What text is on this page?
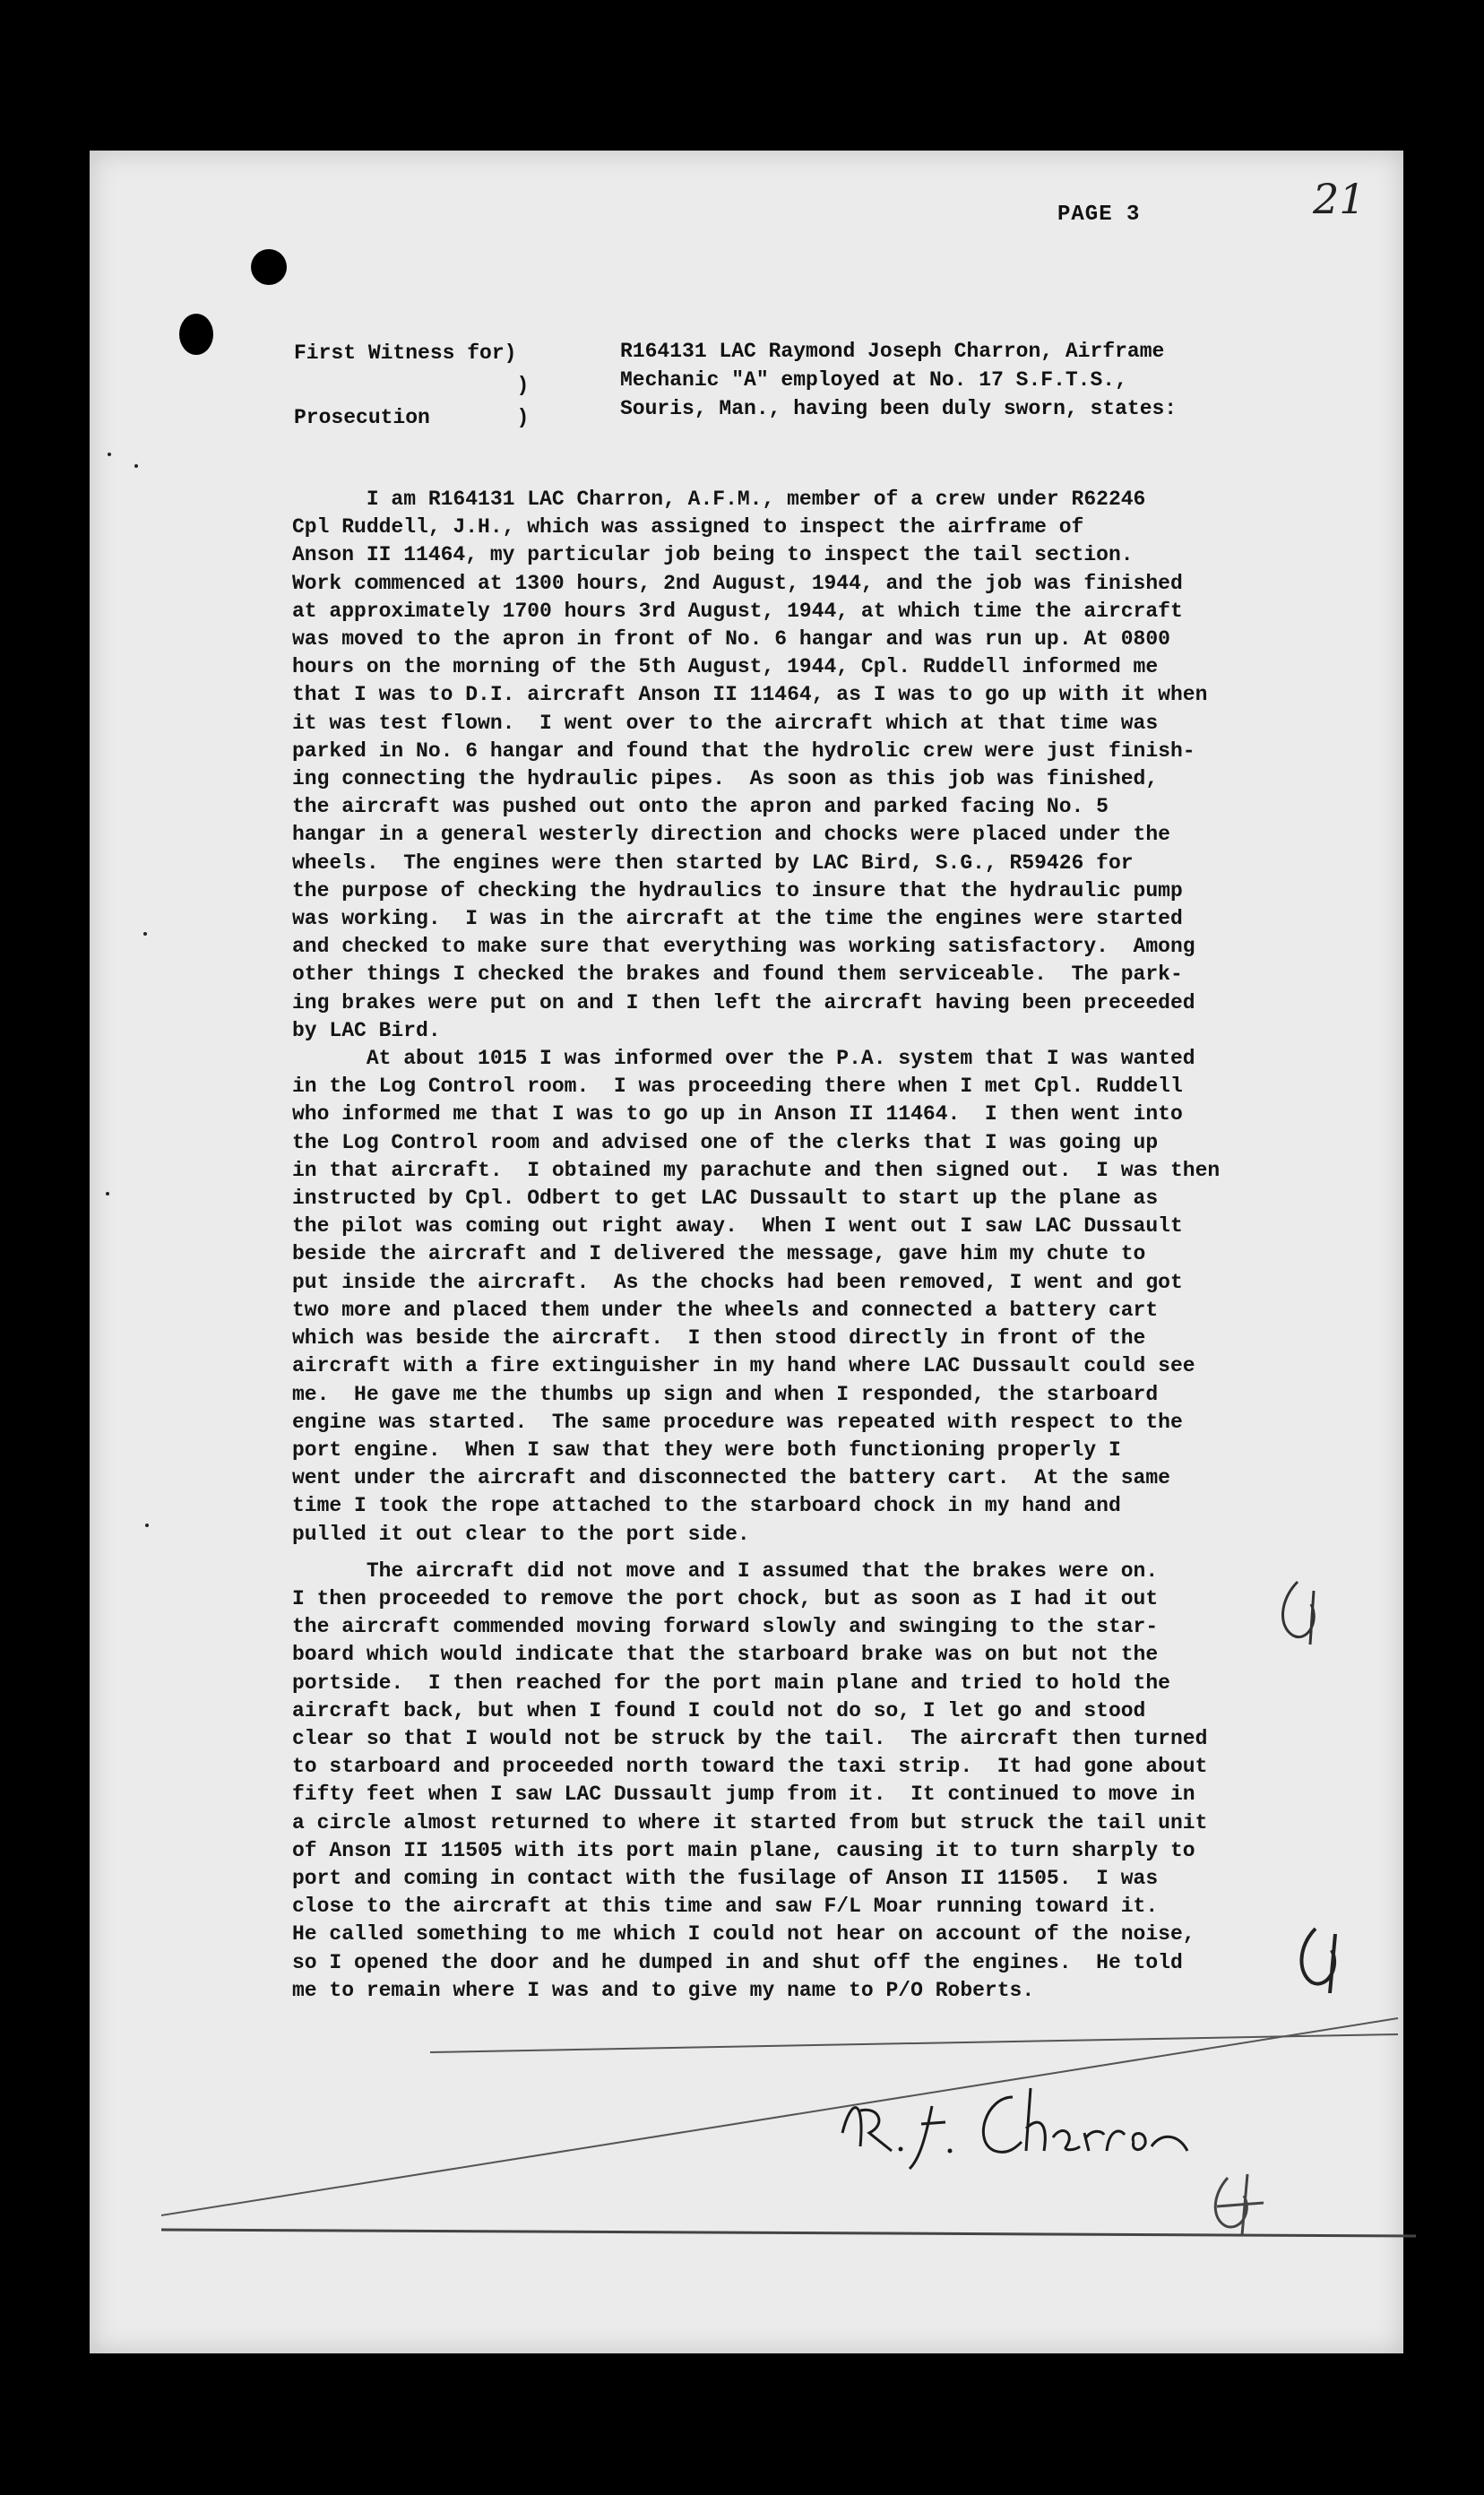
PAGE 3	21
First Witness for)
)
Prosecution       )
R164131 LAC Raymond Joseph Charron, Airframe
Mechanic "A" employed at No. 17 S.F.T.S.,
Souris, Man., having been duly sworn, states:

I am R164131 LAC Charron, A.F.M., member of a crew under R62246
Cpl Ruddell, J.H., which was assigned to inspect the airframe of
Anson II 11464, my particular job being to inspect the tail section.
Work commenced at 1300 hours, 2nd August, 1944, and the job was finished
at approximately 1700 hours 3rd August, 1944, at which time the aircraft
was moved to the apron in front of No. 6 hangar and was run up. At 0800
hours on the morning of the 5th August, 1944, Cpl. Ruddell informed me
that I was to D.I. aircraft Anson II 11464, as I was to go up with it when
it was test flown.  I went over to the aircraft which at that time was
parked in No. 6 hangar and found that the hydrolic crew were just finish-
ing connecting the hydraulic pipes.  As soon as this job was finished,
the aircraft was pushed out onto the apron and parked facing No. 5
hangar in a general westerly direction and chocks were placed under the
wheels.  The engines were then started by LAC Bird, S.G., R59426 for
the purpose of checking the hydraulics to insure that the hydraulic pump
was working.  I was in the aircraft at the time the engines were started
and checked to make sure that everything was working satisfactory.  Among
other things I checked the brakes and found them serviceable.  The park-
ing brakes were put on and I then left the aircraft having been preceeded
by LAC Bird.

At about 1015 I was informed over the P.A. system that I was wanted
in the Log Control room.  I was proceeding there when I met Cpl. Ruddell
who informed me that I was to go up in Anson II 11464.  I then went into
the Log Control room and advised one of the clerks that I was going up
in that aircraft.  I obtained my parachute and then signed out.  I was then
instructed by Cpl. Odbert to get LAC Dussault to start up the plane as
the pilot was coming out right away.  When I went out I saw LAC Dussault
beside the aircraft and I delivered the message, gave him my chute to
put inside the aircraft.  As the chocks had been removed, I went and got
two more and placed them under the wheels and connected a battery cart
which was beside the aircraft.  I then stood directly in front of the
aircraft with a fire extinguisher in my hand where LAC Dussault could see
me.  He gave me the thumbs up sign and when I responded, the starboard
engine was started.  The same procedure was repeated with respect to the
port engine.  When I saw that they were both functioning properly I
went under the aircraft and disconnected the battery cart.  At the same
time I took the rope attached to the starboard chock in my hand and
pulled it out clear to the port side.

The aircraft did not move and I assumed that the brakes were on.
I then proceeded to remove the port chock, but as soon as I had it out
the aircraft commended moving forward slowly and swinging to the star-
board which would indicate that the starboard brake was on but not the
portside.  I then reached for the port main plane and tried to hold the
aircraft back, but when I found I could not do so, I let go and stood
clear so that I would not be struck by the tail.  The aircraft then turned
to starboard and proceeded north toward the taxi strip.  It had gone about
fifty feet when I saw LAC Dussault jump from it.  It continued to move in
a circle almost returned to where it started from but struck the tail unit
of Anson II 11505 with its port main plane, causing it to turn sharply to
port and coming in contact with the fusilage of Anson II 11505.  I was
close to the aircraft at this time and saw F/L Moar running toward it.
He called something to me which I could not hear on account of the noise,
so I opened the door and he dumped in and shut off the engines.  He told
me to remain where I was and to give my name to P/O Roberts.
